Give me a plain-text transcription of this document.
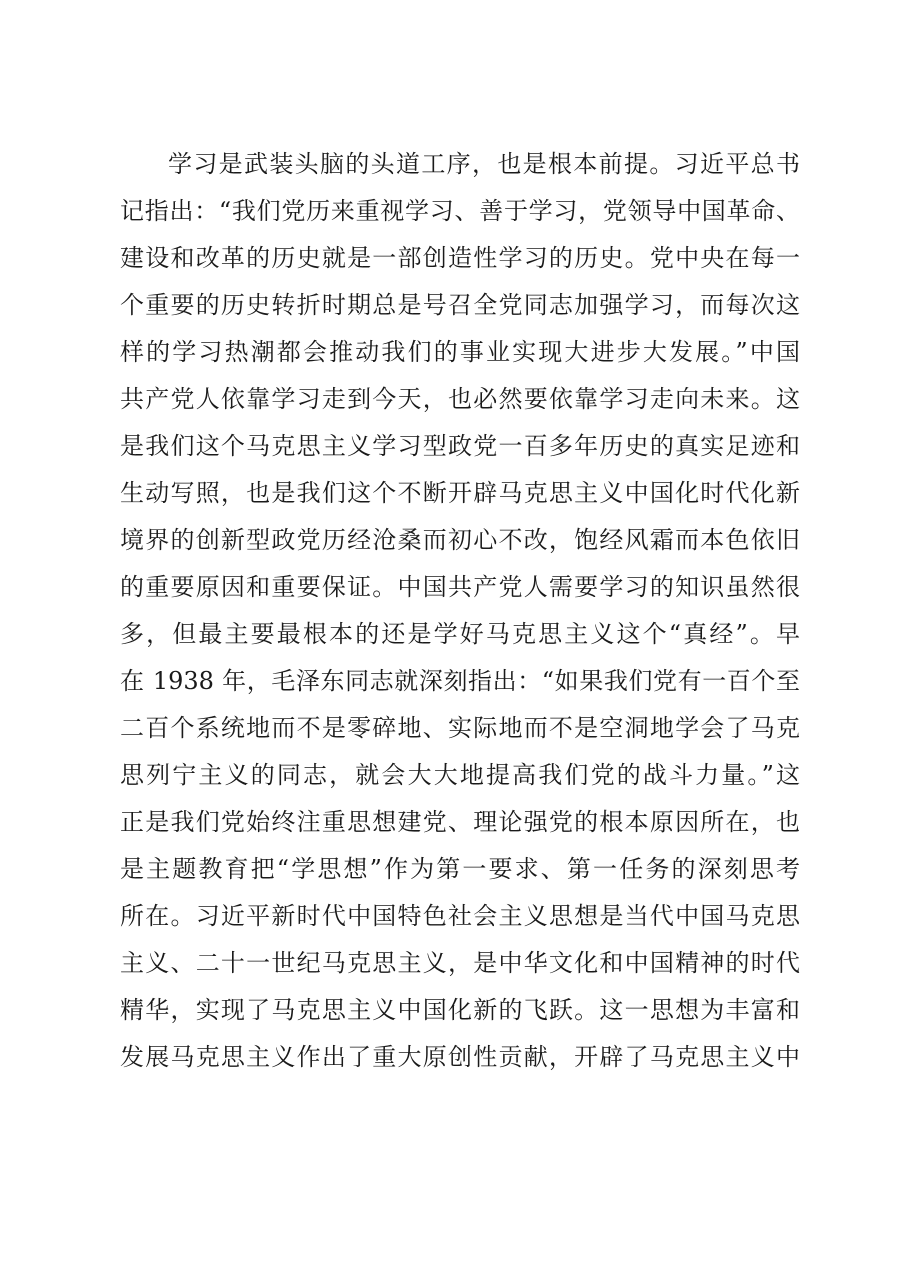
学习是武装头脑的头道工序，也是根本前提。习近平总书
记指出：“我们党历来重视学习、善于学习，党领导中国革命、
建设和改革的历史就是一部创造性学习的历史。党中央在每一
个重要的历史转折时期总是号召全党同志加强学习，而每次这
样的学习热潮都会推动我们的事业实现大进步大发展。”中国
共产党人依靠学习走到今天，也必然要依靠学习走向未来。这
是我们这个马克思主义学习型政党一百多年历史的真实足迹和
生动写照，也是我们这个不断开辟马克思主义中国化时代化新
境界的创新型政党历经沧桑而初心不改，饱经风霜而本色依旧
的重要原因和重要保证。中国共产党人需要学习的知识虽然很
多，但最主要最根本的还是学好马克思主义这个“真经”。早
在 1938 年，毛泽东同志就深刻指出：“如果我们党有一百个至
二百个系统地而不是零碎地、实际地而不是空洞地学会了马克
思列宁主义的同志，就会大大地提高我们党的战斗力量。”这
正是我们党始终注重思想建党、理论强党的根本原因所在，也
是主题教育把“学思想”作为第一要求、第一任务的深刻思考
所在。习近平新时代中国特色社会主义思想是当代中国马克思
主义、二十一世纪马克思主义，是中华文化和中国精神的时代
精华，实现了马克思主义中国化新的飞跃。这一思想为丰富和
发展马克思主义作出了重大原创性贡献，开辟了马克思主义中
